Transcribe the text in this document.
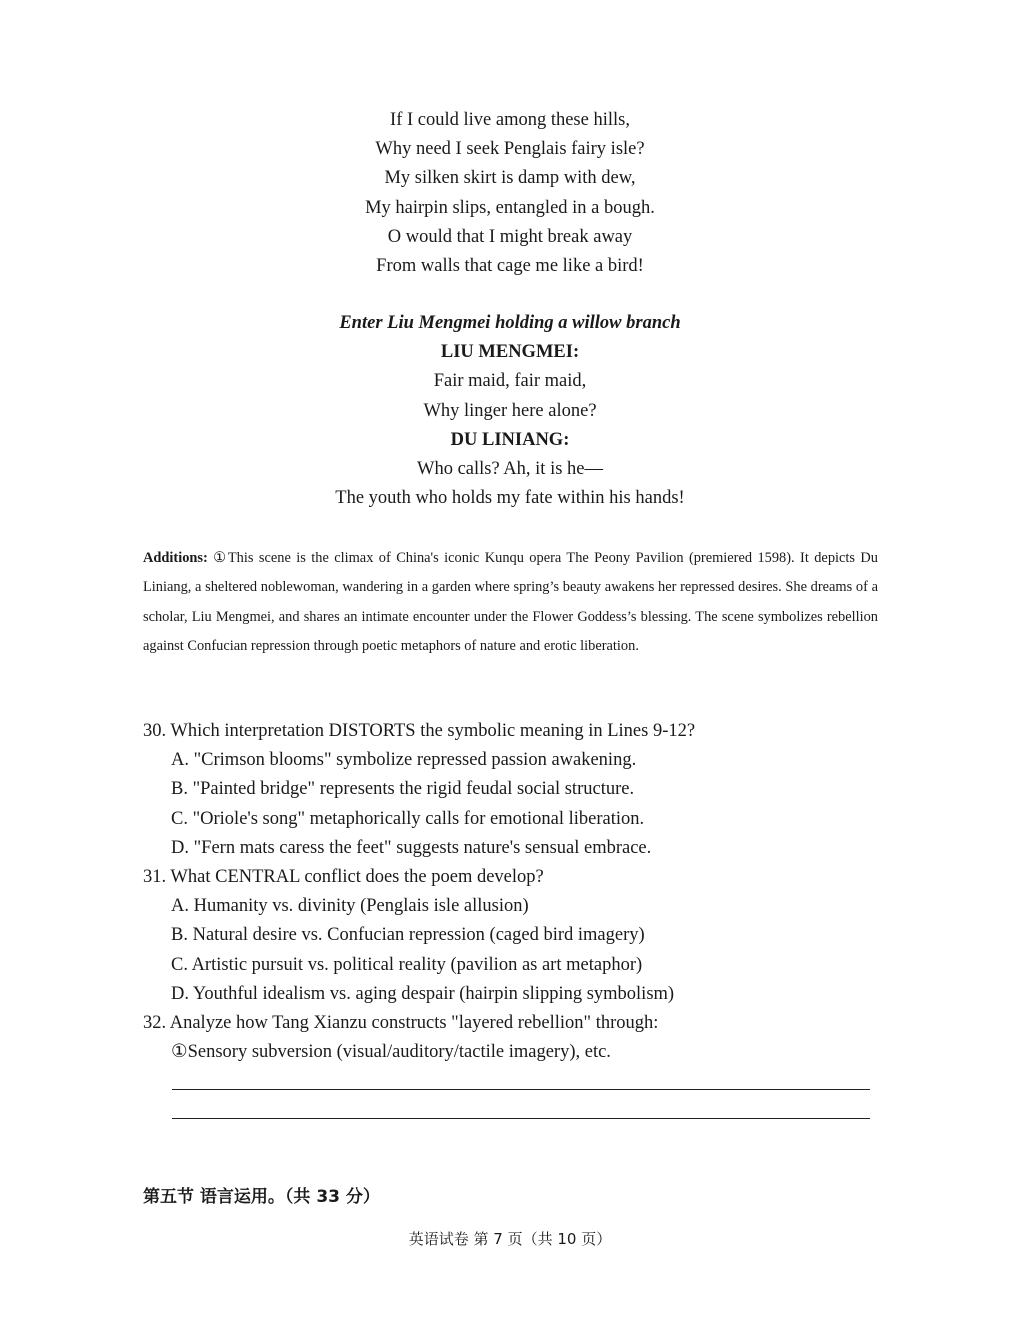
If I could live among these hills,
Why need I seek Penglais fairy isle?
My silken skirt is damp with dew,
My hairpin slips, entangled in a bough.
O would that I might break away
From walls that cage me like a bird!
Enter Liu Mengmei holding a willow branch
LIU MENGMEI:
Fair maid, fair maid,
Why linger here alone?
DU LINIANG:
Who calls? Ah, it is he—
The youth who holds my fate within his hands!
Additions: ①This scene is the climax of China's iconic Kunqu opera The Peony Pavilion (premiered 1598). It depicts Du Liniang, a sheltered noblewoman, wandering in a garden where spring’s beauty awakens her repressed desires. She dreams of a scholar, Liu Mengmei, and shares an intimate encounter under the Flower Goddess’s blessing. The scene symbolizes rebellion against Confucian repression through poetic metaphors of nature and erotic liberation.
30. Which interpretation DISTORTS the symbolic meaning in Lines 9-12?
A. "Crimson blooms" symbolize repressed passion awakening.
B. "Painted bridge" represents the rigid feudal social structure.
C. "Oriole's song" metaphorically calls for emotional liberation.
D. "Fern mats caress the feet" suggests nature's sensual embrace.
31. What CENTRAL conflict does the poem develop?
A. Humanity vs. divinity (Penglais isle allusion)
B. Natural desire vs. Confucian repression (caged bird imagery)
C. Artistic pursuit vs. political reality (pavilion as art metaphor)
D. Youthful idealism vs. aging despair (hairpin slipping symbolism)
32. Analyze how Tang Xianzu constructs "layered rebellion" through:
①Sensory subversion (visual/auditory/tactile imagery), etc.
第五节 语言运用。（共 33 分）
英语试卷 第 7 页（共 10 页）
